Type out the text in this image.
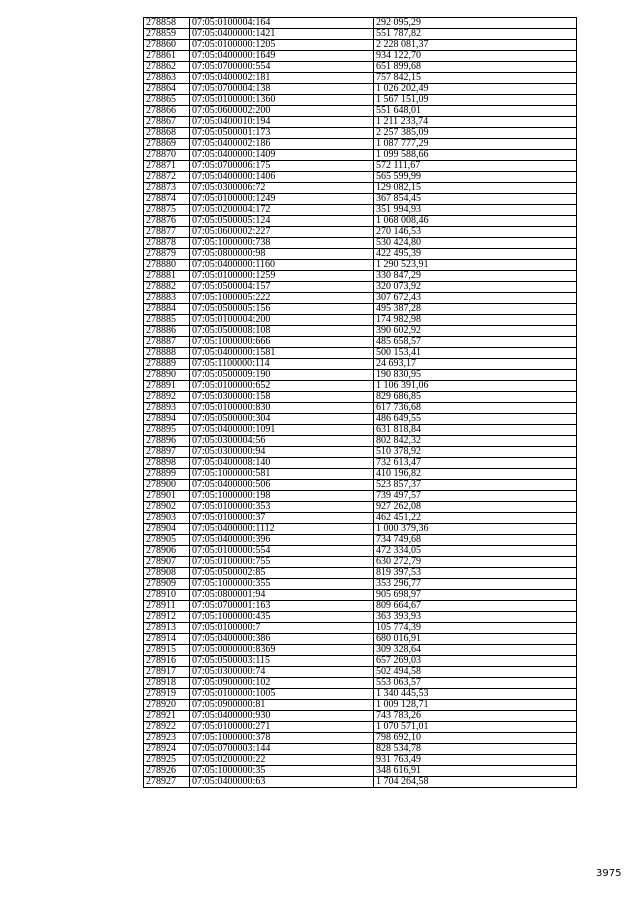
278858	07:05:0100004:164	292 095,29
278859	07:05:0400000:1421	551 787,82
278860	07:05:0100000:1205	2 228 081,37
278861	07:05:0400000:1649	934 122,70
278862	07:05:0700000:554	651 899,68
278863	07:05:0400002:181	757 842,15
278864	07:05:0700004:138	1 026 202,49
278865	07:05:0100000:1360	1 567 151,09
278866	07:05:0600002:200	551 648,01
278867	07:05:0400010:194	1 211 233,74
278868	07:05:0500001:173	2 257 385,09
278869	07:05:0400002:186	1 087 777,29
278870	07:05:0400000:1409	1 099 588,66
278871	07:05:0700006:175	572 111,67
278872	07:05:0400000:1406	565 599,99
278873	07:05:0300006:72	129 082,15
278874	07:05:0100000:1249	367 854,45
278875	07:05:0200004:172	351 994,93
278876	07:05:0500005:124	1 068 008,46
278877	07:05:0600002:227	270 146,53
278878	07:05:1000000:738	530 424,80
278879	07:05:0800000:98	422 495,39
278880	07:05:0400000:1160	1 290 523,91
278881	07:05:0100000:1259	330 847,29
278882	07:05:0500004:157	320 073,92
278883	07:05:1000005:222	307 672,43
278884	07:05:0500005:156	495 387,28
278885	07:05:0100004:200	174 982,98
278886	07:05:0500008:108	390 602,92
278887	07:05:1000000:666	485 658,57
278888	07:05:0400000:1581	500 153,41
278889	07:05:1100000:114	24 693,17
278890	07:05:0500009:190	190 830,95
278891	07:05:0100000:652	1 106 391,06
278892	07:05:0300000:158	829 686,85
278893	07:05:0100000:830	617 736,68
278894	07:05:0500000:304	486 649,55
278895	07:05:0400000:1091	631 818,84
278896	07:05:0300004:56	802 842,32
278897	07:05:0300000:94	510 378,92
278898	07:05:0400008:140	732 613,47
278899	07:05:1000000:581	410 196,82
278900	07:05:0400000:506	523 857,37
278901	07:05:1000000:198	739 497,57
278902	07:05:0100000:353	927 262,08
278903	07:05:0100000:37	462 451,22
278904	07:05:0400000:1112	1 000 379,36
278905	07:05:0400000:396	734 749,68
278906	07:05:0100000:554	472 334,05
278907	07:05:0100000:755	630 272,79
278908	07:05:0500002:85	819 397,53
278909	07:05:1000000:355	353 296,77
278910	07:05:0800001:94	905 698,97
278911	07:05:0700001:163	809 664,67
278912	07:05:1000000:435	363 393,93
278913	07:05:0100000:7	105 774,39
278914	07:05:0400000:386	680 016,91
278915	07:05:0000000:8369	309 328,64
278916	07:05:0500003:115	657 269,03
278917	07:05:0300000:74	502 494,58
278918	07:05:0900000:102	553 063,57
278919	07:05:0100000:1005	1 340 445,53
278920	07:05:0900000:81	1 009 128,71
278921	07:05:0400000:930	743 783,26
278922	07:05:0100000:271	1 070 571,01
278923	07:05:1000000:378	798 692,10
278924	07:05:0700003:144	828 534,78
278925	07:05:0200000:22	931 763,49
278926	07:05:1000000:35	348 616,91
278927	07:05:0400000:63	1 704 264,58
3975
